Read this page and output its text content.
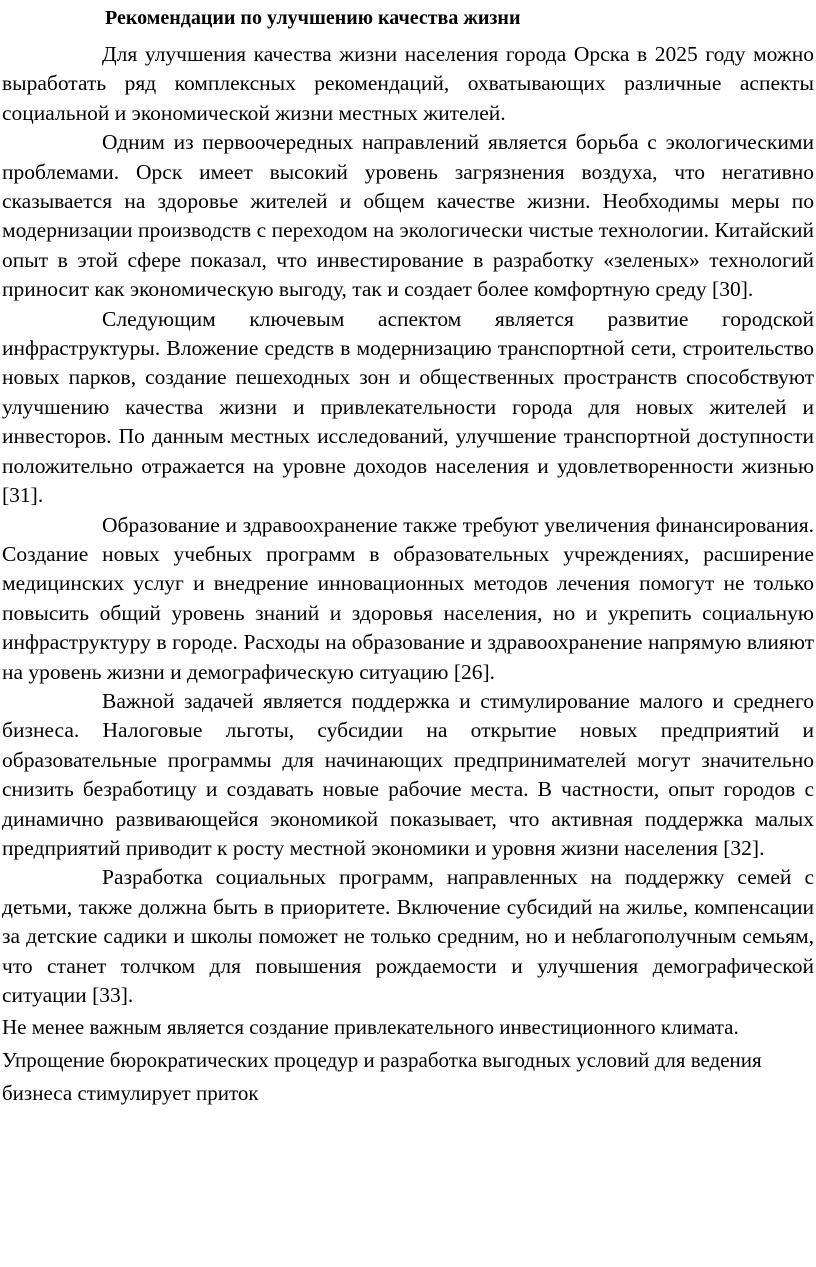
Рекомендации по улучшению качества жизни

Для улучшения качества жизни населения города Орска в 2025 году можно выработать ряд комплексных рекомендаций, охватывающих различные аспекты социальной и экономической жизни местных жителей.

Одним из первоочередных направлений является борьба с экологическими проблемами. Орск имеет высокий уровень загрязнения воздуха, что негативно сказывается на здоровье жителей и общем качестве жизни. Необходимы меры по модернизации производств с переходом на экологически чистые технологии. Китайский опыт в этой сфере показал, что инвестирование в разработку «зеленых» технологий приносит как экономическую выгоду, так и создает более комфортную среду [30].

Следующим ключевым аспектом является развитие городской инфраструктуры. Вложение средств в модернизацию транспортной сети, строительство новых парков, создание пешеходных зон и общественных пространств способствуют улучшению качества жизни и привлекательности города для новых жителей и инвесторов. По данным местных исследований, улучшение транспортной доступности положительно отражается на уровне доходов населения и удовлетворенности жизнью [31].

Образование и здравоохранение также требуют увеличения финансирования. Создание новых учебных программ в образовательных учреждениях, расширение медицинских услуг и внедрение инновационных методов лечения помогут не только повысить общий уровень знаний и здоровья населения, но и укрепить социальную инфраструктуру в городе. Расходы на образование и здравоохранение напрямую влияют на уровень жизни и демографическую ситуацию [26].

Важной задачей является поддержка и стимулирование малого и среднего бизнеса. Налоговые льготы, субсидии на открытие новых предприятий и образовательные программы для начинающих предпринимателей могут значительно снизить безработицу и создавать новые рабочие места. В частности, опыт городов с динамично развивающейся экономикой показывает, что активная поддержка малых предприятий приводит к росту местной экономики и уровня жизни населения [32].

Разработка социальных программ, направленных на поддержку семей с детьми, также должна быть в приоритете. Включение субсидий на жилье, компенсации за детские садики и школы поможет не только средним, но и неблагополучным семьям, что станет толчком для повышения рождаемости и улучшения демографической ситуации [33].

Не менее важным является создание привлекательного инвестиционного климата. Упрощение бюрократических процедур и разработка выгодных условий для ведения бизнеса стимулирует приток
